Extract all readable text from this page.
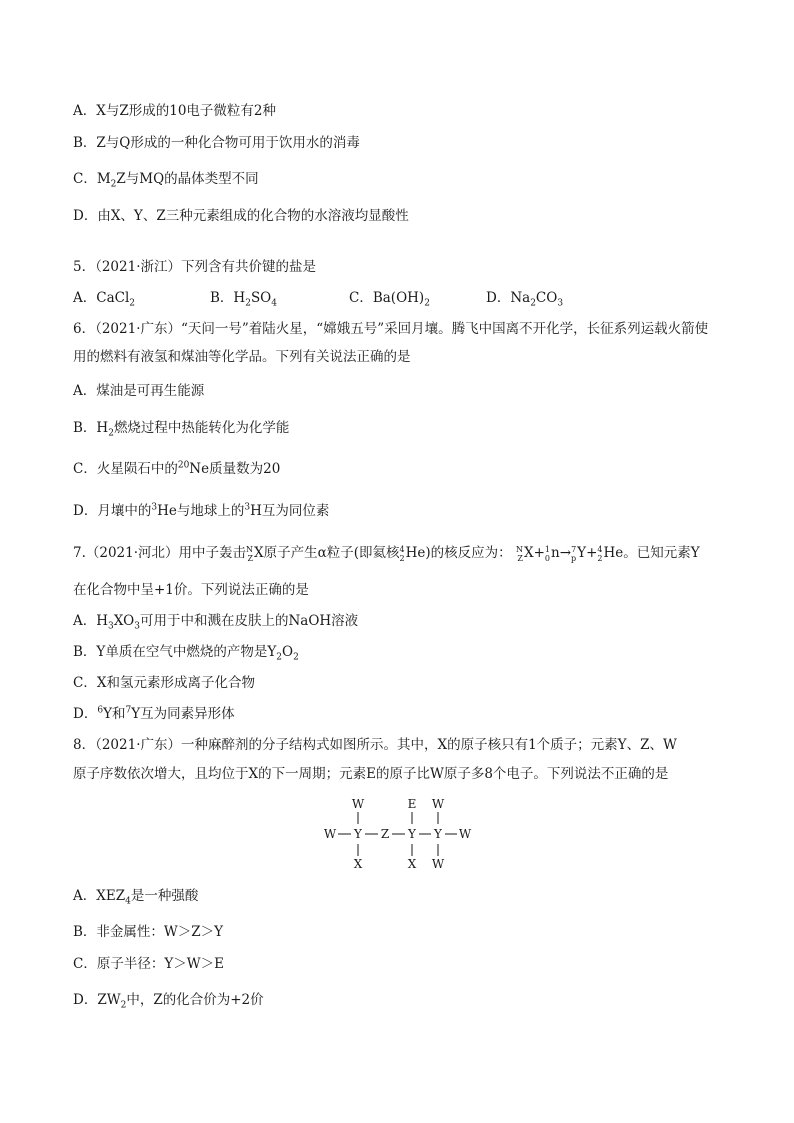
A．X与Z形成的10电子微粒有2种
B．Z与Q形成的一种化合物可用于饮用水的消毒
C．$M_2Z$与MQ的晶体类型不同
D．由X、Y、Z三种元素组成的化合物的水溶液均显酸性
5．（2021·浙江）下列含有共价键的盐是
A．CaCl$_2$	B．$H_2SO_4$	C．$Ba(OH)_2$	D．$Na_2CO_3$
6．（2021·广东）“天问一号”着陆火星，“嫦娥五号”采回月壤。腾飞中国离不开化学，长征系列运载火箭使
用的燃料有液氢和煤油等化学品。下列有关说法正确的是
A．煤油是可再生能源
B．$H_2$燃烧过程中热能转化为化学能
C．火星陨石中的$^{20}$Ne质量数为20
D．月壤中的$^3$He与地球上的$^3$H互为同位素
7.（2021·河北）用中子轰击 N
Z X原子产生α粒子(即氦核 4
2 He)的核反应为： N
Z X+ 1
0 n→ 7
p Y+ 4
2 He。已知元素Y
在化合物中呈+1价。下列说法正确的是
A．$H_3XO_3$可用于中和溅在皮肤上的NaOH溶液
B．Y单质在空气中燃烧的产物是$Y_2O_2$
C．X和氢元素形成离子化合物
D．$^6$Y和$^7$Y互为同素异形体
8．（2021·广东）一种麻醉剂的分子结构式如图所示。其中，X的原子核只有1个质子；元素Y、Z、W
原子序数依次增大，且均位于X的下一周期；元素E的原子比W原子多8个电子。下列说法不正确的是
W	E W
W Y Z Y Y W
X	X W
A．$XEZ_4$是一种强酸
B．非金属性：W＞Z＞Y
C．原子半径：Y＞W＞E
D．$ZW_2$中，Z的化合价为+2价
